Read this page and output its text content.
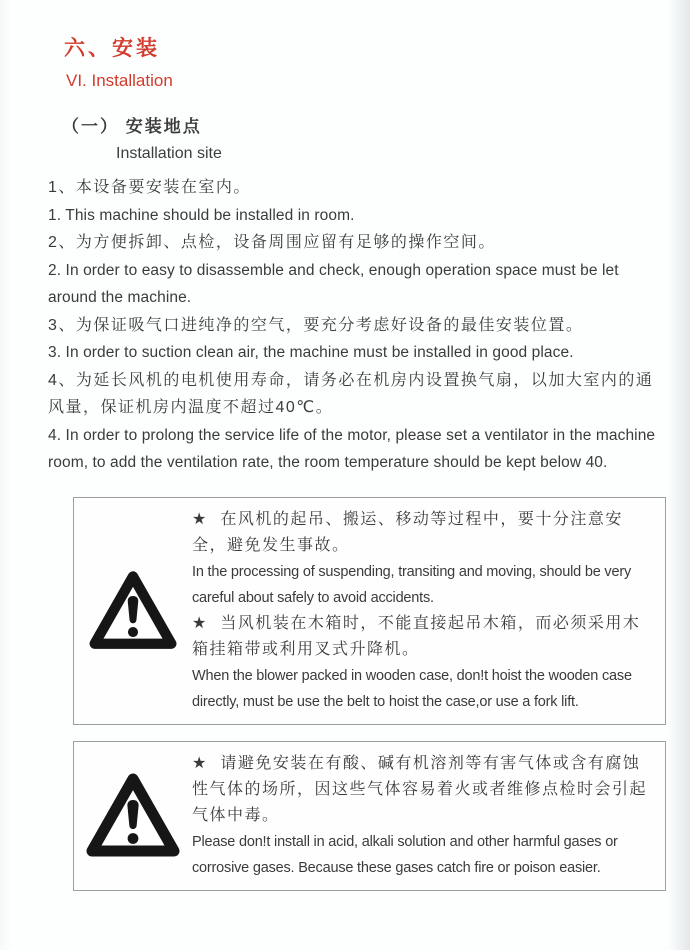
六、安装
VI. Installation
（一） 安装地点
Installation site

1、本设备要安装在室内。

1. This machine should be installed in room.

2、为方便拆卸、点检，设备周围应留有足够的操作空间。

2. In order to easy to disassemble and check, enough operation space must be let around the machine.

3、为保证吸气口进纯净的空气，要充分考虑好设备的最佳安装位置。

3. In order to suction clean air, the machine must be installed in good place.

4、为延长风机的电机使用寿命，请务必在机房内设置换气扇，以加大室内的通风量，保证机房内温度不超过40℃。

4. In order to prolong the service life of the motor, please set a ventilator in the machine room, to add the ventilation rate, the room temperature should be kept below 40.

★ 在风机的起吊、搬运、移动等过程中，要十分注意安全，避免发生事故。

In the processing of suspending, transiting and moving, should be very careful about safely to avoid accidents.

★ 当风机装在木箱时，不能直接起吊木箱，而必须采用木箱挂箱带或利用叉式升降机。

When the blower packed in wooden case, don!t hoist the wooden case directly, must be use the belt to hoist the case,or use a fork lift.

★ 请避免安装在有酸、碱有机溶剂等有害气体或含有腐蚀性气体的场所，因这些气体容易着火或者维修点检时会引起气体中毒。

Please don!t install in acid, alkali solution and other harmful gases or corrosive gases. Because these gases catch fire or poison easier.
